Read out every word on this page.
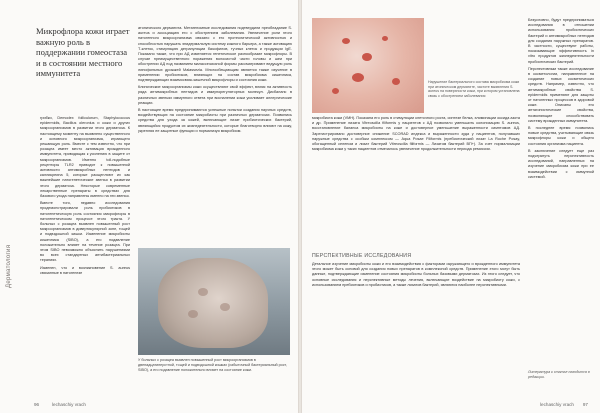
Дерматология
Микрофлора кожи играет важную роль в поддержании гомеостаза и в состоянии местного иммунитета

грибки, Demodex folliculorum, Staphylococcus epidermidis, Bacillus oleronius и кожи и других микроорганизмов в развитии этого дерматоза. К настоящему моменту на выявлено существенного и основного микроорганизма, играющего решающую роль. Вместе с тем известно, что при розацеа имеет место активация врожденного иммунитета, приводящая к усилению в защите от микроорганизмов. Именно toll-подобные рецепторы TLR2 приводят к повышенной активности антимикробных пептидов и калликреина 5, которые расщепляют их как важнейшие патогенетические звенья в развитии этого дерматоза. Некоторые современные лекарственные препараты в средствах для базового ухода направлены именно на эти звенья.

Вместе того, недавно исследования продемонстрировали роль пробиотиков в патогенетическую роль состояния микрофлоры в патогенетическом процессе этого тракта. У больных с розацеа выявлен повышенный рост микроорганизмов в дивертикулярной зоне, тощей и подвздошной кишки. Изменение микробиоты кишечника (SIBO), а его подавление положительно влияет на течение розацеа. При этом SIBO невозможно объяснить нарушениями во всех стандартных антибактериальных терапиях.

Изменен, что и возникновение S. aureus связанные в патогенезе

атопического дерматита. Метагеномные исследования подтвердили преобладание S. aureus и ассоциацию его с обострением заболевания. Увеличение роли этого патогенного микроорганизма связано с его протеолитической активностью и способностью нарушать эпидермальную систему кожного барьера, а также активацию Т-клеток, стимуляцию дегрануляции базофилов, тучных клеток и продукции IgE. Показано также, что при АД изменяется генетическое разнообразие микрофлоры. В случае преимущественного поражения волосистой части головы и шеи при обострении АД под названием малассезиозной формы рассматривают ведущую роль липофильных дрожжей Malassezia. Многообещающим является также изучение в применении пробиотиков, влияющих на состав микробиома кишечника, подтверждающих взаимосвязь кишечной микрофлоры и состояния кожи.

Клинические микроорганизмы кожи осуществляют свой эффект, влияя на активность ряда антимикробных пептидов и иммунорегуляторных молекул. Дисбаланс в различных звеньях иммунного ответа при воспалении кожи усиливает аллергические реакции.

В настоящее время предпринимаются успешные попытки создания научных средств, воздействующих на состояние микробиоты при различных дерматозах. Появились средства для ухода за кожей, включающие лизат пробиотических бактерий, являющийся продуктом их жизнедеятельности, которые благотворно влияют на кожу, укрепляя ее защитные функции и нормализуя микробиом.

У больных с розацеа выявлен повышенный рост микроорганизмов в двенадцатиперстной, тощей и подвздошной кишках (избыточный бактериальный рост, SIBO), а его подавление положительно влияет на состояние кожи.
96	lechaschiy vrach
Нарушение бактериального состава микробиома кожи при атопическом дерматите, частоте выявления S. aureus на поверхности кожи, при котором установлена связь с обострением заболевания

микробиота кожи (VMH). Показана его роль в стимуляции клеточного роста, синтезе белка, элиминации оксида азота и др. Применение лизата Vitreoscilla filiformis у пациентов с АД позволило уменьшить колонизацию S. aureus, восстановление баланса микробиоты на коже и достоверное уменьшение выраженности симптомов АД. Зарегистрировано достоверное снижение SCORAD индекса и выраженности зуда у пациентов, получавших наружные средства с особым комплексом — Aqua Posae Filiformis (пребиотический лизат La Roche Posay, обогащенный селеном и лизат бактерий Vitreoscilla filiformis — Лизатом бактерий ВП+). За счет нормализации микробиома кожи у таких пациентов отмечалось увеличение продолжительности периода ремиссии.

ПЕРСПЕКТИВНЫЕ ИССЛЕДОВАНИЯ

Детальное изучение микробиоты кожи и его взаимодействия с факторами окружающего и врожденного иммунитета этого может быть основой для создания новых препаратов в комплексной средств. Применение этого могут быть данные, подтверждающие изменение состояния микробиоты больных базовыми дерматозах. Из этого следует, что основные исследования и перспективные методы лечения, включающие воздействие на микробиоту кожи, с использованием пребиотиков и пробиотиков, а также лизатов бактерий, являются наиболее перспективными.

Безусловно, будут предприниматься исследования в отношении использования пробиотических бактерий и антимикробных пептидов для создания наружных препаратов. В частности, существуют работы, показывающие эффективность in vitro продуктов жизнедеятельности пробиотических бактерий.

Перспективным также исследование в косметологии, направленное на создание новых косметических средств. Например, известно, что антимикробные свойства S. epidermidis применяют для защиты от патогенных процессов в здоровой коже. Описаны его антагонистические свойства, позволяющие способствовать систему врожденных иммунитета.

В последнее время появились новые средства, учитывающие связь микрофлоры кожи и общего состояния организма пациента.

В заключение следует еще раз подчеркнуть перспективность исследований, направленных на изучение микробиома кожи при ее взаимодействии с иммунной системой.

Литература к статье находится в редакции.
97
lechaschiy vrach
